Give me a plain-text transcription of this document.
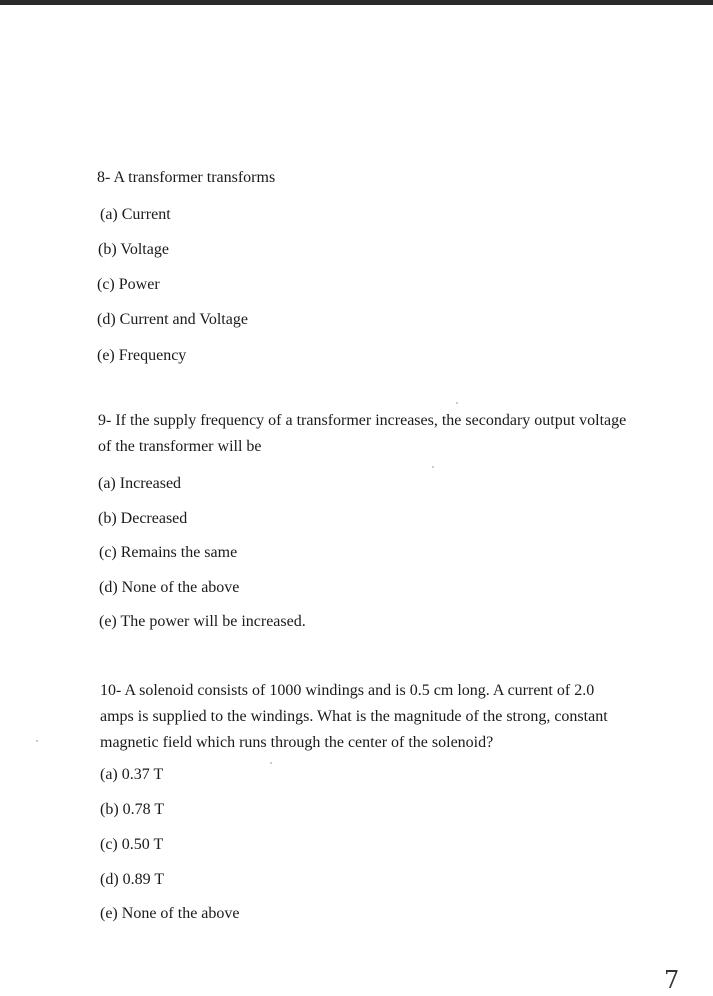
8- A transformer transforms
(a) Current
(b) Voltage
(c) Power
(d) Current and Voltage
(e) Frequency
9- If the supply frequency of a transformer increases, the secondary output voltage
of the transformer will be
(a) Increased
(b) Decreased
(c) Remains the same
(d) None of the above
(e) The power will be increased.
10- A solenoid consists of 1000 windings and is 0.5 cm long. A current of 2.0
amps is supplied to the windings. What is the magnitude of the strong, constant
magnetic field which runs through the center of the solenoid?
(a) 0.37 T
(b) 0.78 T
(c) 0.50 T
(d) 0.89 T
(e) None of the above
7
